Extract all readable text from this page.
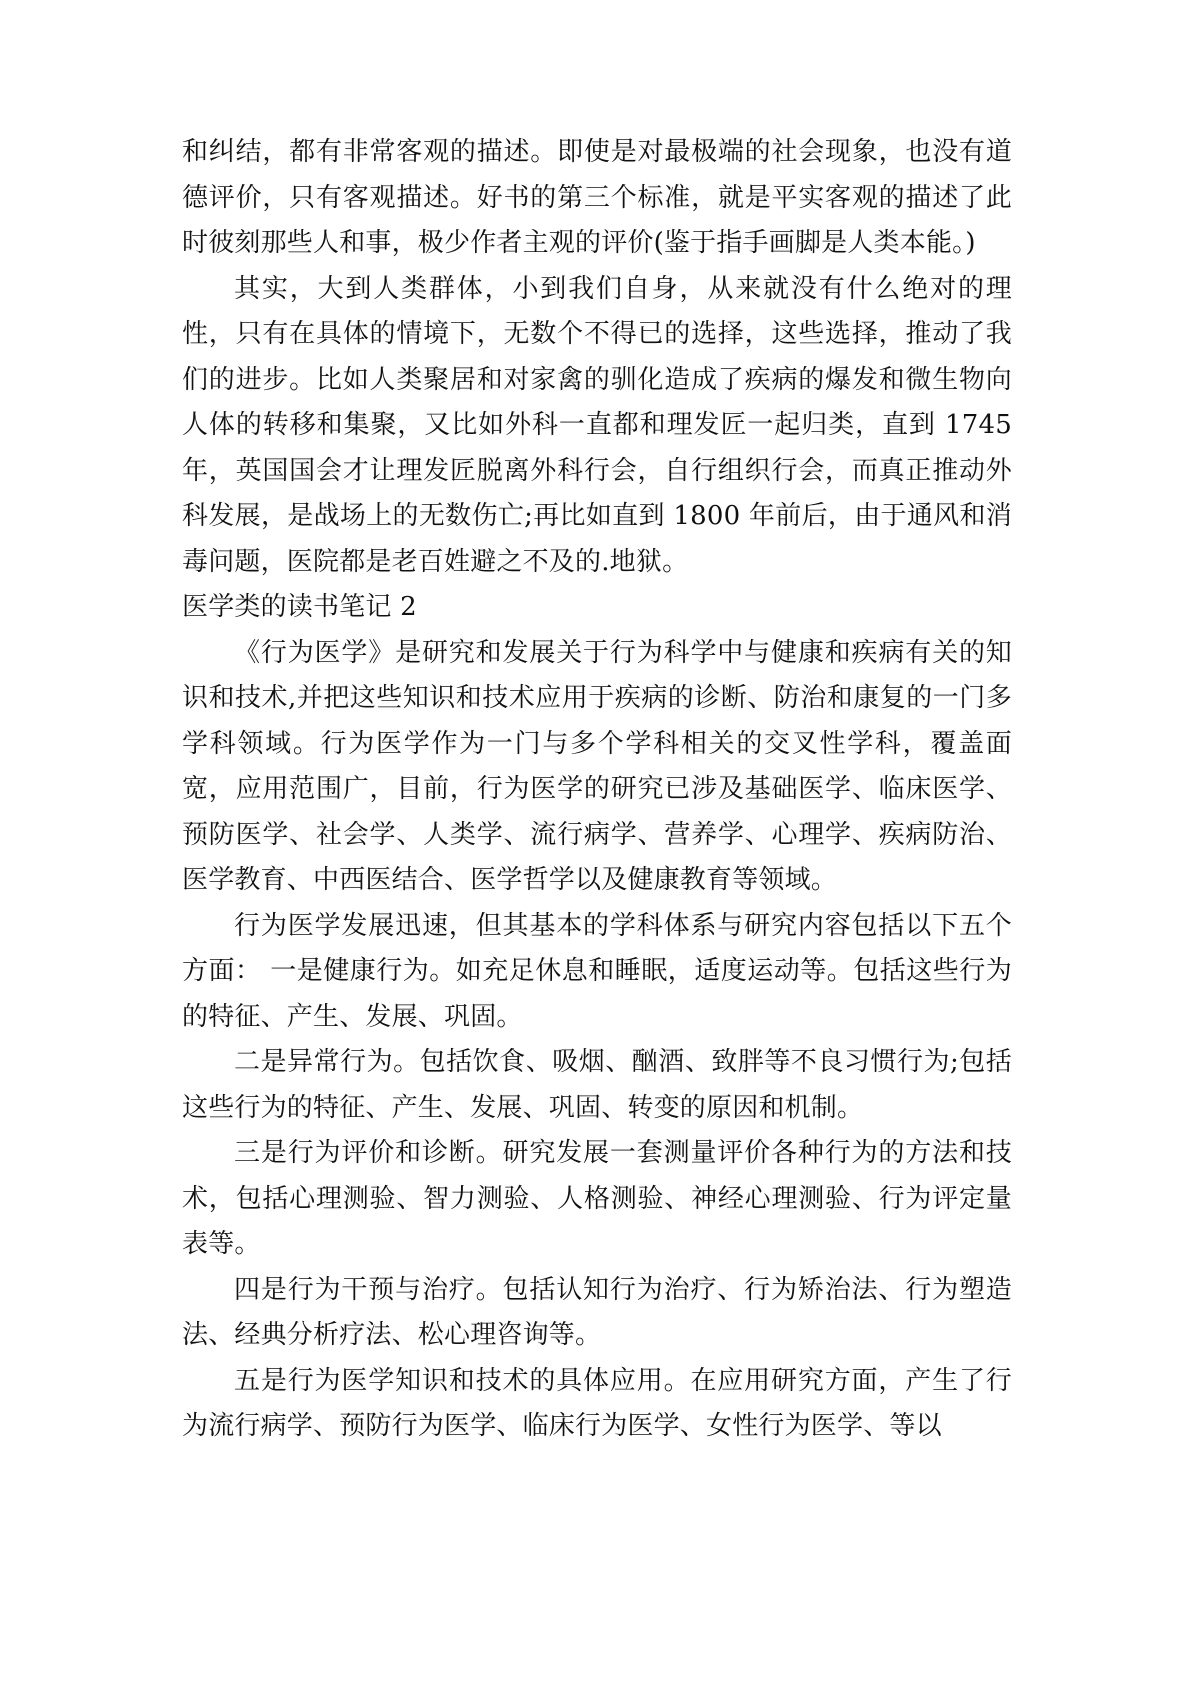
和纠结，都有非常客观的描述。即使是对最极端的社会现象，也没有道德评价，只有客观描述。好书的第三个标准，就是平实客观的描述了此时彼刻那些人和事，极少作者主观的评价(鉴于指手画脚是人类本能。)

其实，大到人类群体，小到我们自身，从来就没有什么绝对的理性，只有在具体的情境下，无数个不得已的选择，这些选择，推动了我们的进步。比如人类聚居和对家禽的驯化造成了疾病的爆发和微生物向人体的转移和集聚，又比如外科一直都和理发匠一起归类，直到 1745 年，英国国会才让理发匠脱离外科行会，自行组织行会，而真正推动外科发展，是战场上的无数伤亡;再比如直到 1800 年前后，由于通风和消毒问题，医院都是老百姓避之不及的.地狱。

医学类的读书笔记 2

《行为医学》是研究和发展关于行为科学中与健康和疾病有关的知识和技术,并把这些知识和技术应用于疾病的诊断、防治和康复的一门多学科领域。行为医学作为一门与多个学科相关的交叉性学科，覆盖面宽，应用范围广，目前，行为医学的研究已涉及基础医学、临床医学、预防医学、社会学、人类学、流行病学、营养学、心理学、疾病防治、医学教育、中西医结合、医学哲学以及健康教育等领域。

行为医学发展迅速，但其基本的学科体系与研究内容包括以下五个方面： 一是健康行为。如充足休息和睡眠，适度运动等。包括这些行为的特征、产生、发展、巩固。

二是异常行为。包括饮食、吸烟、酗酒、致胖等不良习惯行为;包括这些行为的特征、产生、发展、巩固、转变的原因和机制。

三是行为评价和诊断。研究发展一套测量评价各种行为的方法和技术，包括心理测验、智力测验、人格测验、神经心理测验、行为评定量表等。

四是行为干预与治疗。包括认知行为治疗、行为矫治法、行为塑造法、经典分析疗法、松心理咨询等。

五是行为医学知识和技术的具体应用。在应用研究方面，产生了行为流行病学、预防行为医学、临床行为医学、女性行为医学、等以
